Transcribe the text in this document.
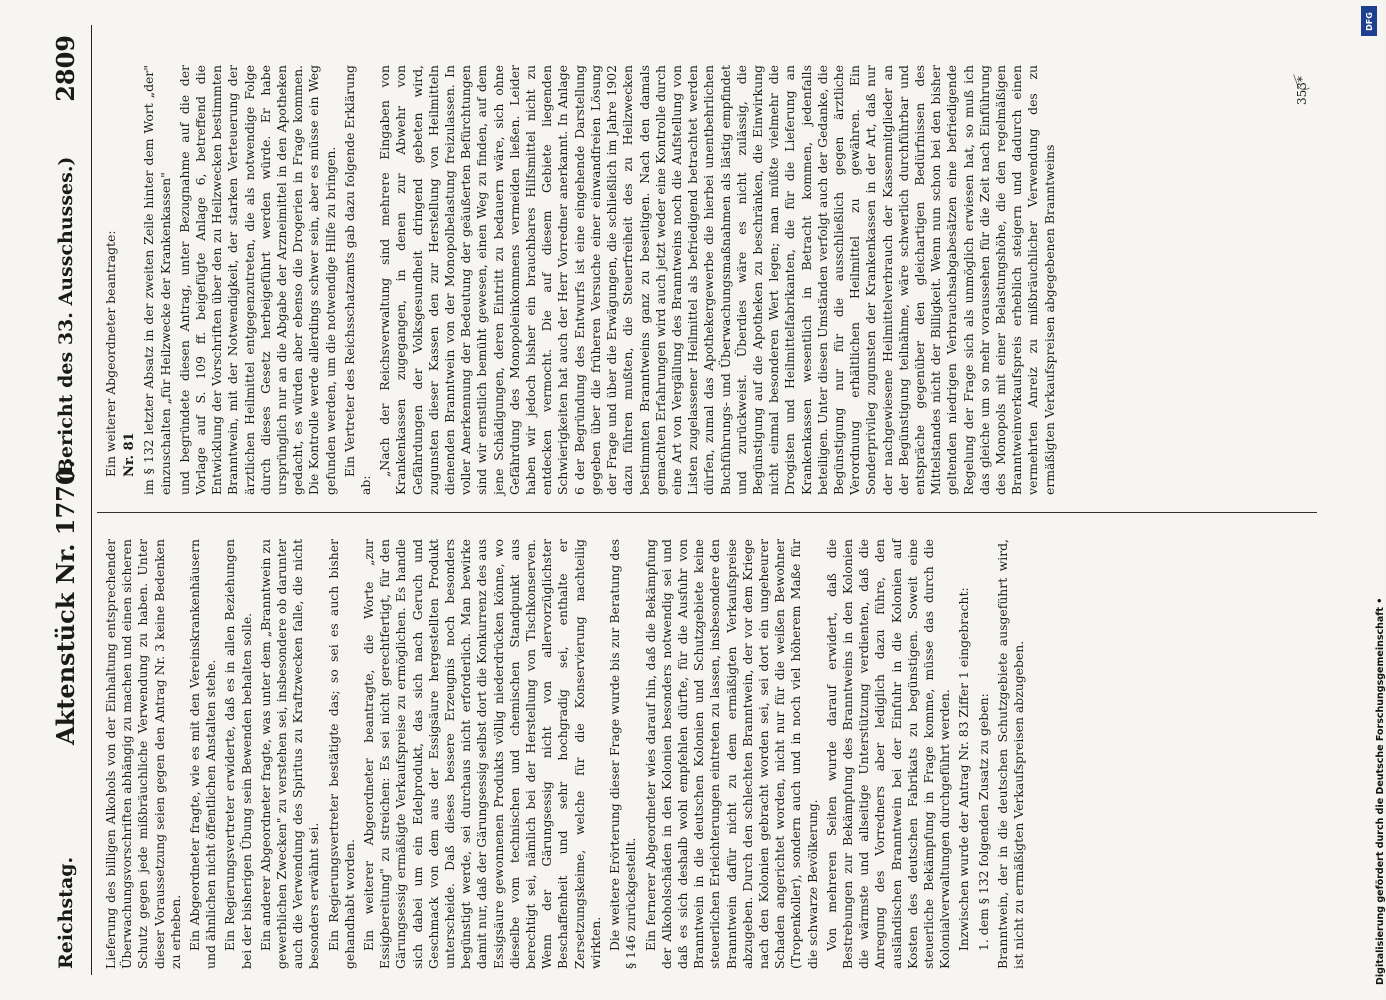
Reichstag.
Aktenstück Nr. 1770.
(Bericht des 33. Ausschusses.)
2809

Lieferung des billigen Alkohols von der Einhaltung entsprechender Überwachungsvorschriften abhängig zu machen und einen sicheren Schutz gegen jede mißbräuchliche Verwendung zu haben. Unter dieser Voraussetzung seien gegen den Antrag Nr. 3 keine Bedenken zu erheben. Ein Abgeordneter fragte, wie es mit den Vereinskrankenhäusern und ähnlichen nicht öffentlichen Anstalten stehe. Ein Regierungsvertreter erwiderte, daß es in allen Beziehungen bei der bisherigen Übung sein Bewenden behalten solle. Ein anderer Abgeordneter fragte, was unter dem „Branntwein zu gewerblichen Zwecken" zu verstehen sei, insbesondere ob darunter auch die Verwendung des Spiritus zu Kraftzwecken falle, die nicht besonders erwähnt sei. Ein Regierungsvertreter bestätigte das; so sei es auch bisher gehandhabt worden. Ein weiterer Abgeordneter beantragte, die Worte „zur Essigbereitung" zu streichen: Es sei nicht gerechtfertigt, für den Gärungsessig ermäßigte Verkaufspreise zu ermöglichen. Es handle sich dabei um ein Edelprodukt, das sich nach Geruch und Geschmack von dem aus der Essigsäure hergestellten Produkt unterscheide. Daß dieses bessere Erzeugnis noch besonders begünstigt werde, sei durchaus nicht erforderlich. Man bewirke damit nur, daß der Gärungsessig selbst dort die Konkurrenz des aus Essigsäure gewonnenen Produkts völlig niederdrücken könne, wo dieselbe vom technischen und chemischen Standpunkt aus berechtigt sei, nämlich bei der Herstellung von Tischkonserven. Wenn der Gärungsessig nicht von allervorzüglichster Beschaffenheit und sehr hochgradig sei, enthalte er Zersetzungskeime, welche für die Konservierung nachteilig wirkten. Die weitere Erörterung dieser Frage wurde bis zur Beratung des § 146 zurückgestellt. Ein fernerer Abgeordneter wies darauf hin, daß die Bekämpfung der Alkoholschäden in den Kolonien besonders notwendig sei und daß es sich deshalb wohl empfehlen dürfte, für die Ausfuhr von Branntwein in die deutschen Kolonien und Schutzgebiete keine steuerlichen Erleichterungen eintreten zu lassen, insbesondere den Branntwein dafür nicht zu dem ermäßigten Verkaufspreise abzugeben. Durch den schlechten Branntwein, der vor dem Kriege nach den Kolonien gebracht worden sei, sei dort ein ungeheurer Schaden angerichtet worden, nicht nur für die weißen Bewohner (Tropenkoller), sondern auch und in noch viel höherem Maße für die schwarze Bevölkerung. Von mehreren Seiten wurde darauf erwidert, daß die Bestrebungen zur Bekämpfung des Branntweins in den Kolonien die wärmste und allseitige Unterstützung verdienten, daß die Anregung des Vorredners aber lediglich dazu führe, den ausländischen Branntwein bei der Einfuhr in die Kolonien auf Kosten des deutschen Fabrikats zu begünstigen. Soweit eine steuerliche Bekämpfung in Frage komme, müsse das durch die Kolonialverwaltungen durchgeführt werden. Inzwischen wurde der Antrag Nr. 83 Ziffer 1 eingebracht: 1. dem § 132 folgenden Zusatz zu geben: Branntwein, der in die deutschen Schutzgebiete ausgeführt wird, ist nicht zu ermäßigten Verkaufspreisen abzugeben.

Ein weiterer Abgeordneter beantragte: Nr. 81 im § 132 letzter Absatz in der zweiten Zeile hinter dem Wort „der" einzuschalten „für Heilzwecke der Krankenkassen" und begründete diesen Antrag, unter Bezugnahme auf die der Vorlage auf S. 109 ff. beigefügte Anlage 6, betreffend die Entwicklung der Vorschriften über den zu Heilzwecken bestimmten Branntwein, mit der Notwendigkeit, der starken Verteuerung der ärztlichen Heilmittel entgegenzutreten, die als notwendige Folge durch dieses Gesetz herbeigeführt werden würde. Er habe ursprünglich nur an die Abgabe der Arzneimittel in den Apotheken gedacht, es würden aber ebenso die Drogerien in Frage kommen. Die Kontrolle werde allerdings schwer sein, aber es müsse ein Weg gefunden werden, um die notwendige Hilfe zu bringen. Ein Vertreter des Reichsschatzamts gab dazu folgende Erklärung ab:

„Nach der Reichsverwaltung sind mehrere Eingaben von Krankenkassen zugegangen, in denen zur Abwehr von Gefährdungen der Volksgesundheit dringend gebeten wird, zugunsten dieser Kassen den zur Herstellung von Heilmitteln dienenden Branntwein von der Monopolbelastung freizulassen. In voller Anerkennung der Bedeutung der geäußerten Befürchtungen sind wir ernstlich bemüht gewesen, einen Weg zu finden, auf dem jene Schädigungen, deren Eintritt zu bedauern wäre, sich ohne Gefährdung des Monopoleinkommens vermeiden ließen. Leider haben wir jedoch bisher ein brauchbares Hilfsmittel nicht zu entdecken vermocht. Die auf diesem Gebiete liegenden Schwierigkeiten hat auch der Herr Vorredner anerkannt. In Anlage 6 der Begründung des Entwurfs ist eine eingehende Darstellung gegeben über die früheren Versuche einer einwandfreien Lösung der Frage und über die Erwägungen, die schließlich im Jahre 1902 dazu führen mußten, die Steuerfreiheit des zu Heilzwecken bestimmten Branntweins ganz zu beseitigen. Nach den damals gemachten Erfahrungen wird auch jetzt weder eine Kontrolle durch eine Art von Vergällung des Branntweins noch die Aufstellung von Listen zugelassener Heilmittel als befriedigend betrachtet werden dürfen, zumal das Apothekergewerbe die hierbei unentbehrlichen Buchführungs- und Überwachungsmaßnahmen als lästig empfindet und zurückweist. Überdies wäre es nicht zulässig, die Begünstigung auf die Apotheken zu beschränken, die Einwirkung nicht einmal besonderen Wert legen; man müßte vielmehr die Drogisten und Heilmittelfabrikanten, die für die Lieferung an Krankenkassen wesentlich in Betracht kommen, jedenfalls beteiligen. Unter diesen Umständen verfolgt auch der Gedanke, die Begünstigung nur für die ausschließlich gegen ärztliche Verordnung erhältlichen Heilmittel zu gewähren. Ein Sonderprivileg zugunsten der Krankenkassen in der Art, daß nur der nachgewiesene Heilmittelverbrauch der Kassenmitglieder an der Begünstigung teilnähme, wäre schwerlich durchführbar und entspräche gegenüber den gleichartigen Bedürfnissen des Mittelstandes nicht der Billigkeit. Wenn nun schon bei den bisher geltenden niedrigen Verbrauchsabgabesätzen eine befriedigende Regelung der Frage sich als unmöglich erwiesen hat, so muß ich das gleiche um so mehr voraussehen für die Zeit nach Einführung des Monopols mit einer Belastungshöhe, die den regelmäßigen Branntweinverkaufspreis erheblich steigern und dadurch einen vermehrten Anreiz zu mißbräuchlicher Verwendung des zu ermäßigten Verkaufspreisen abgegebenen Branntweins

353*
DFG
Digitalisierung gefördert durch die Deutsche Forschungsgemeinschaft •
